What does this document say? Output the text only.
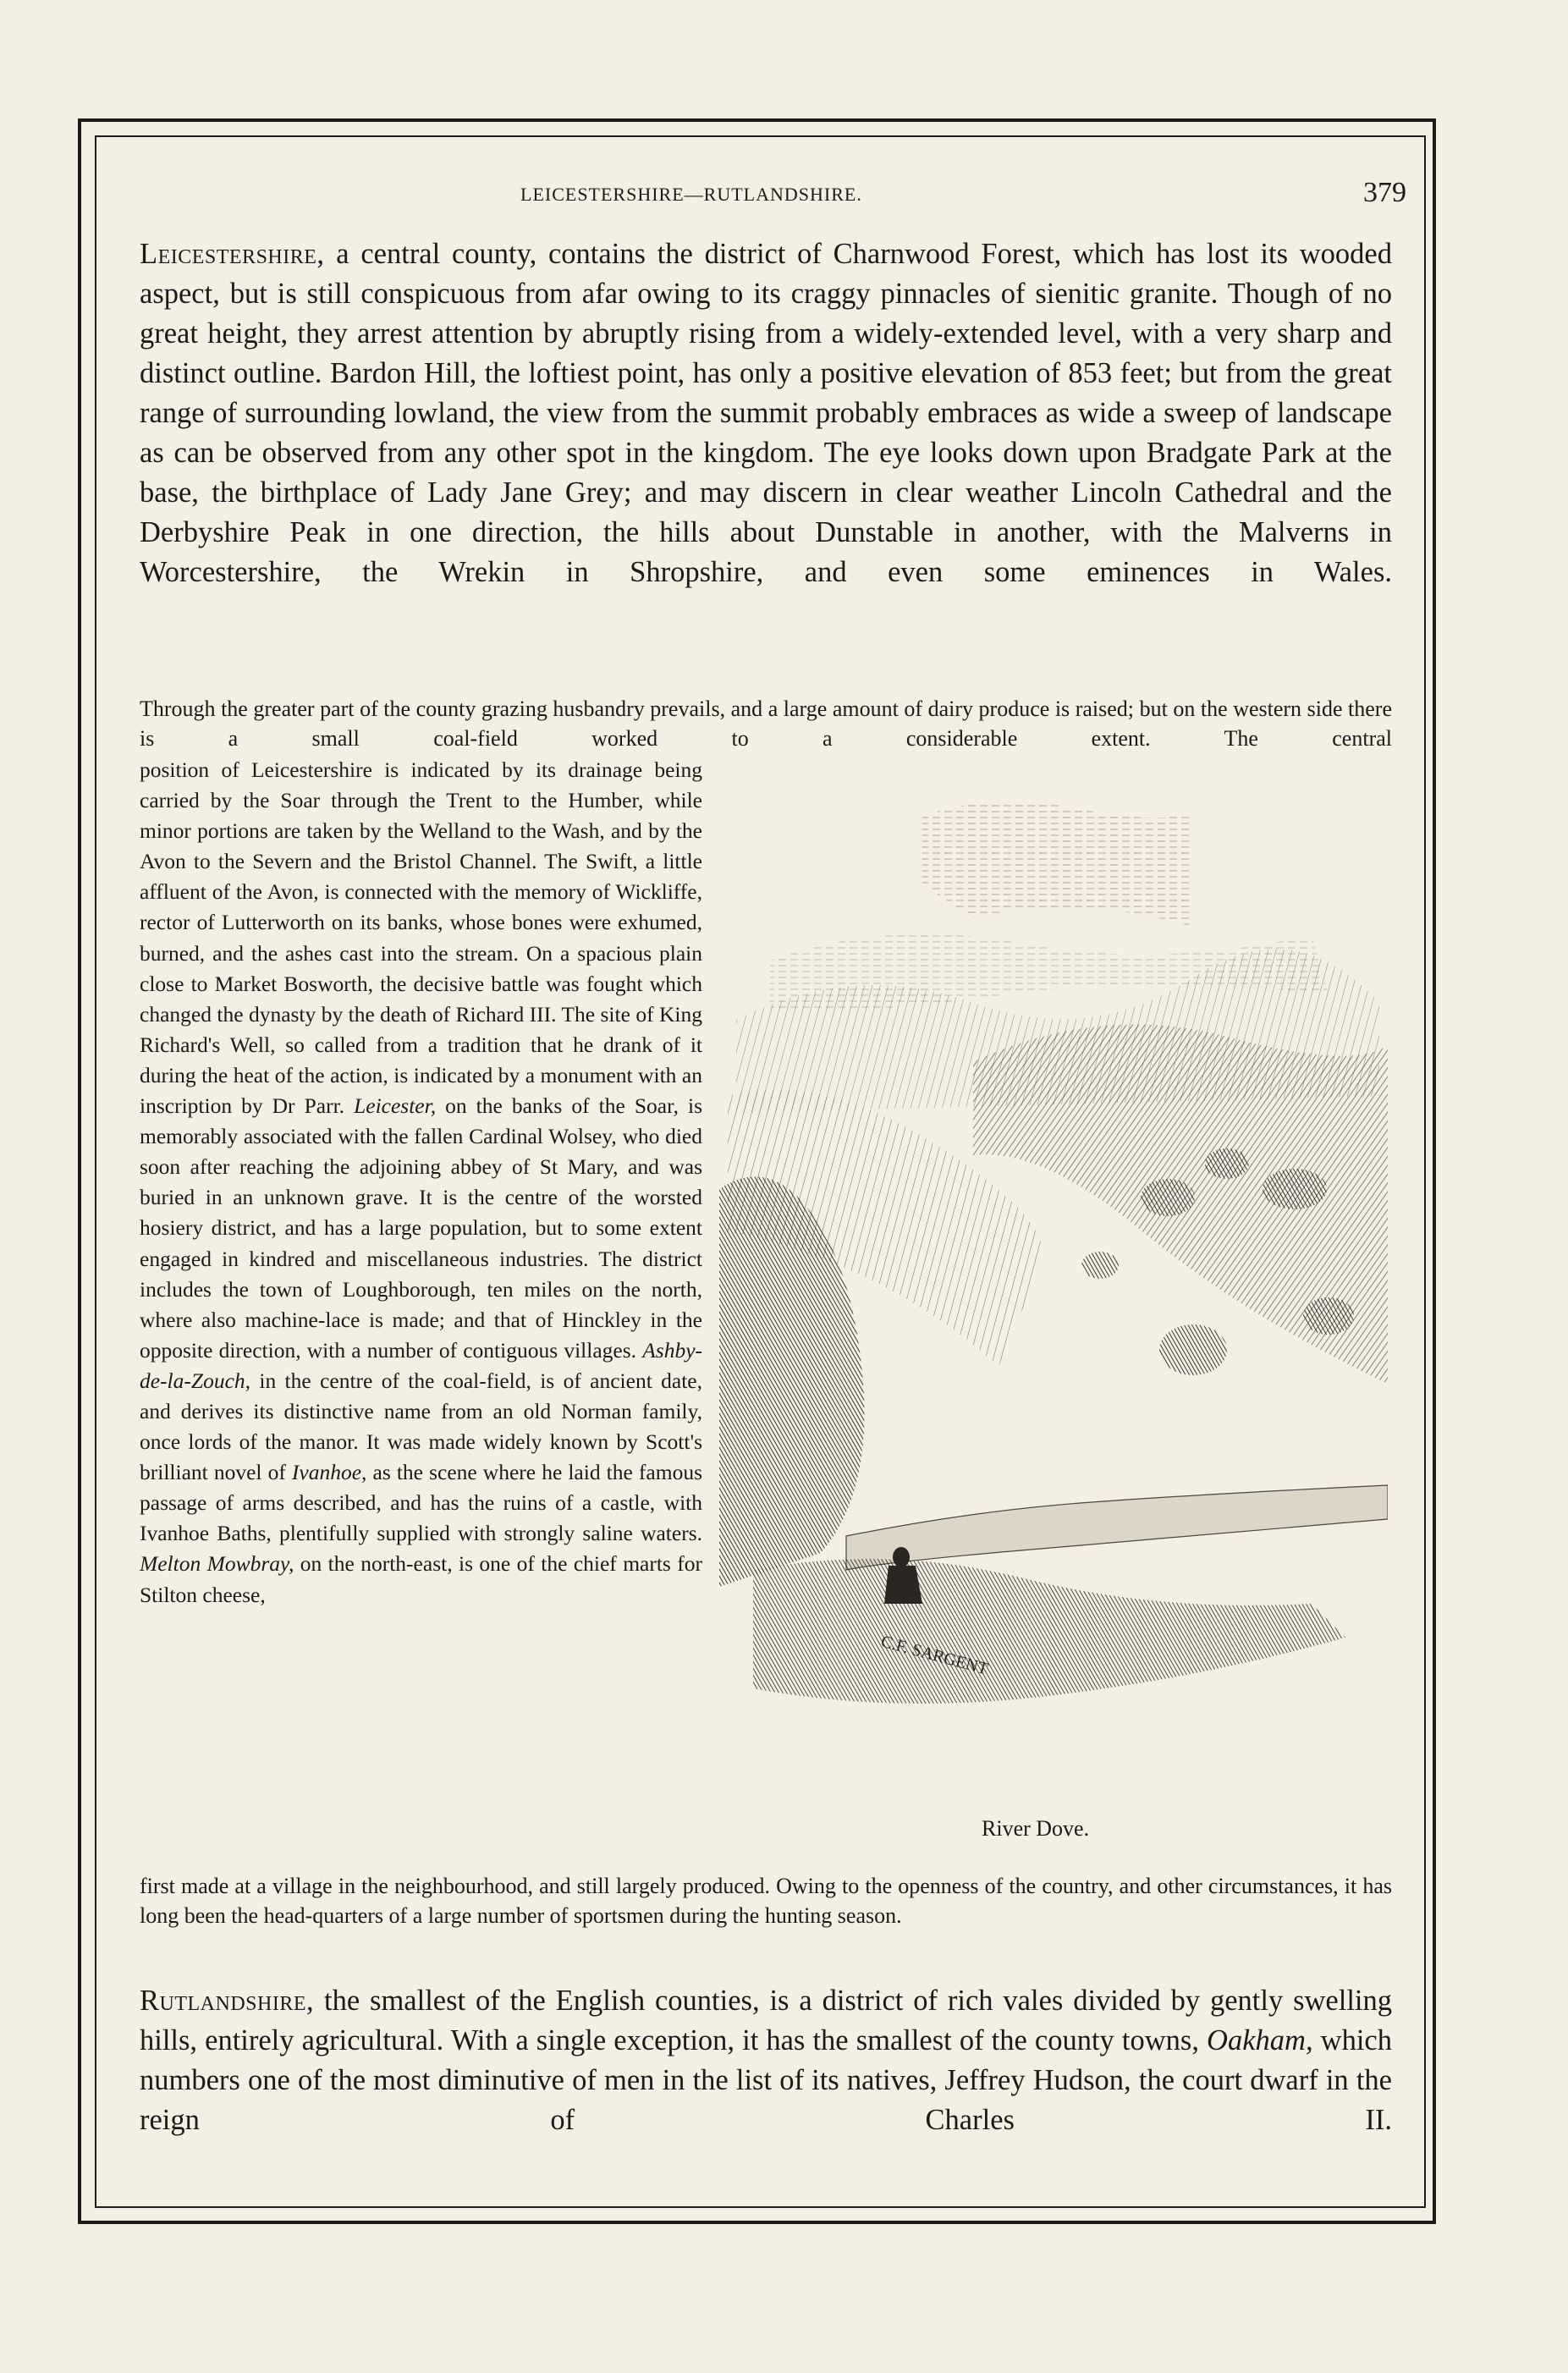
LEICESTERSHIRE—RUTLANDSHIRE.	379

Leicestershire, a central county, contains the district of Charnwood Forest, which has lost its wooded aspect, but is still conspicuous from afar owing to its craggy pinnacles of sienitic granite. Though of no great height, they arrest attention by abruptly rising from a widely-extended level, with a very sharp and distinct outline. Bardon Hill, the loftiest point, has only a positive elevation of 853 feet; but from the great range of surrounding lowland, the view from the summit probably embraces as wide a sweep of landscape as can be observed from any other spot in the kingdom. The eye looks down upon Bradgate Park at the base, the birthplace of Lady Jane Grey; and may discern in clear weather Lincoln Cathedral and the Derbyshire Peak in one direction, the hills about Dunstable in another, with the Malverns in Worcestershire, the Wrekin in Shropshire, and even some eminences in Wales.

Through the greater part of the county grazing husbandry prevails, and a large amount of dairy produce is raised; but on the western side there is a small coal-field worked to a considerable extent. The central

position of Leicestershire is indicated by its drainage being carried by the Soar through the Trent to the Humber, while minor portions are taken by the Welland to the Wash, and by the Avon to the Severn and the Bristol Channel. The Swift, a little affluent of the Avon, is connected with the memory of Wickliffe, rector of Lutterworth on its banks, whose bones were exhumed, burned, and the ashes cast into the stream. On a spacious plain close to Market Bosworth, the decisive battle was fought which changed the dynasty by the death of Richard III. The site of King Richard's Well, so called from a tradition that he drank of it during the heat of the action, is indicated by a monument with an inscription by Dr Parr. Leicester, on the banks of the Soar, is memorably associated with the fallen Cardinal Wolsey, who died soon after reaching the adjoining abbey of St Mary, and was buried in an unknown grave. It is the centre of the worsted hosiery district, and has a large population, but to some extent engaged in kindred and miscellaneous industries. The district includes the town of Loughborough, ten miles on the north, where also machine-lace is made; and that of Hinckley in the opposite direction, with a number of contiguous villages. Ashby-de-la-Zouch, in the centre of the coal-field, is of ancient date, and derives its distinctive name from an old Norman family, once lords of the manor. It was made widely known by Scott's brilliant novel of Ivanhoe, as the scene where he laid the famous passage of arms described, and has the ruins of a castle, with Ivanhoe Baths, plentifully supplied with strongly saline waters. Melton Mowbray, on the north-east, is one of the chief marts for Stilton cheese,

first made at a village in the neighbourhood, and still largely produced. Owing to the openness of the country, and other circumstances, it has long been the head-quarters of a large number of sportsmen during the hunting season.

C.F. SARGENT
River Dove.

Rutlandshire, the smallest of the English counties, is a district of rich vales divided by gently swelling hills, entirely agricultural. With a single exception, it has the smallest of the county towns, Oakham, which numbers one of the most diminutive of men in the list of its natives, Jeffrey Hudson, the court dwarf in the reign of Charles II.
